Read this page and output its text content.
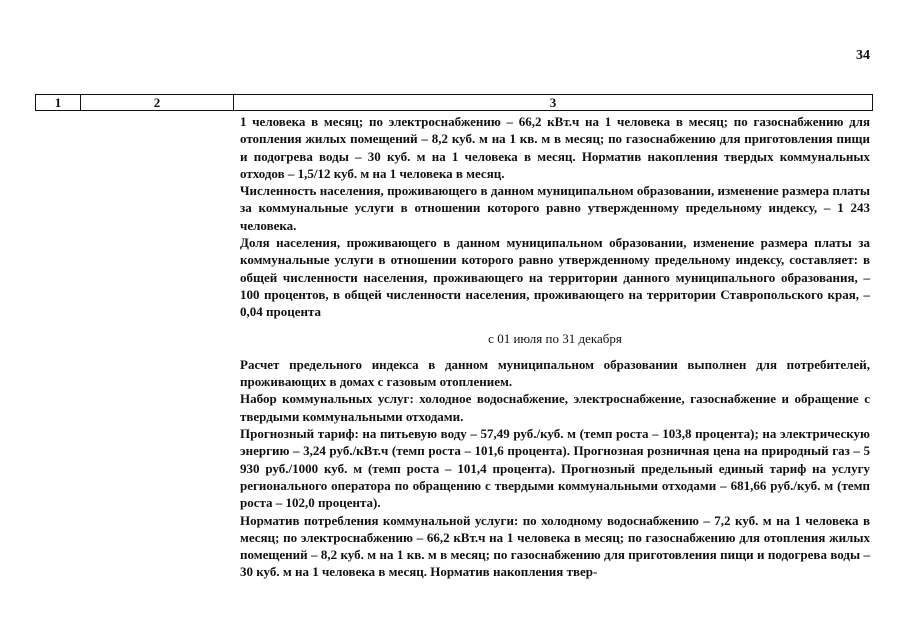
34
1	2	3

1 человека в месяц; по электроснабжению – 66,2 кВт.ч на 1 человека в месяц; по газоснабжению для отопления жилых помещений – 8,2 куб. м на 1 кв. м в месяц; по газоснабжению для приготовления пищи и подогрева воды – 30 куб. м на 1 человека в месяц. Норматив накопления твердых коммунальных отходов – 1,5/12 куб. м на 1 человека в месяц.

Численность населения, проживающего в данном муниципальном образовании, изменение размера платы за коммунальные услуги в отношении которого равно утвержденному предельному индексу, – 1 243 человека.

Доля населения, проживающего в данном муниципальном образовании, изменение размера платы за коммунальные услуги в отношении которого равно утвержденному предельному индексу, составляет: в общей численности населения, проживающего на территории данного муниципального образования, – 100 процентов, в общей численности населения, проживающего на территории Ставропольского края, – 0,04 процента

с 01 июля по 31 декабря

Расчет предельного индекса в данном муниципальном образовании выполнен для потребителей, проживающих в домах с газовым отоплением.

Набор коммунальных услуг: холодное водоснабжение, электроснабжение, газоснабжение и обращение с твердыми коммунальными отходами.

Прогнозный тариф: на питьевую воду – 57,49 руб./куб. м (темп роста – 103,8 процента); на электрическую энергию – 3,24 руб./кВт.ч (темп роста – 101,6 процента). Прогнозная розничная цена на природный газ – 5 930 руб./1000 куб. м (темп роста – 101,4 процента). Прогнозный предельный единый тариф на услугу регионального оператора по обращению с твердыми коммунальными отходами – 681,66 руб./куб. м (темп роста – 102,0 процента).

Норматив потребления коммунальной услуги: по холодному водоснабжению – 7,2 куб. м на 1 человека в месяц; по электроснабжению – 66,2 кВт.ч на 1 человека в месяц; по газоснабжению для отопления жилых помещений – 8,2 куб. м на 1 кв. м в месяц; по газоснабжению для приготовления пищи и подогрева воды – 30 куб. м на 1 человека в месяц. Норматив накопления твер-
